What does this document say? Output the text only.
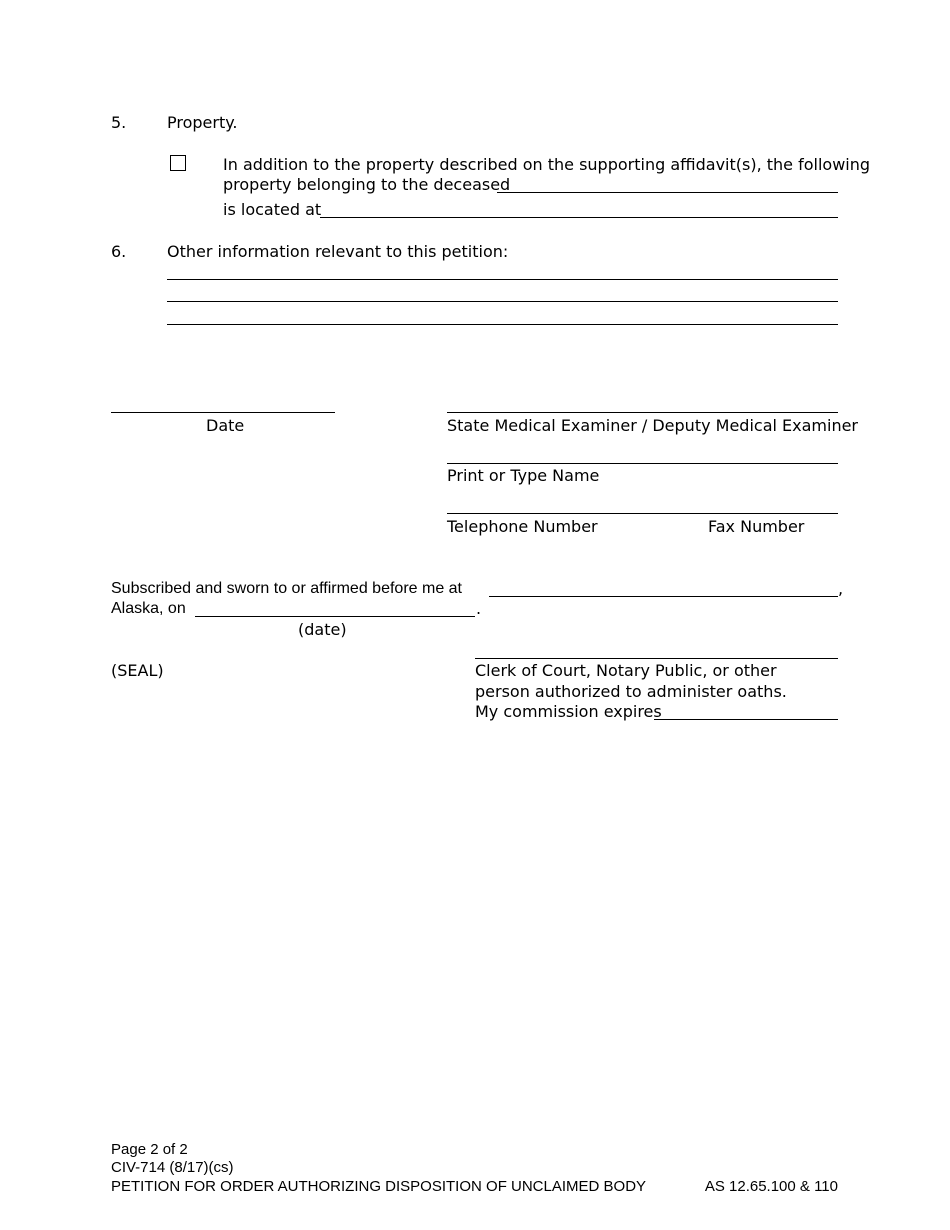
5.	Property.
In addition to the property described on the supporting affidavit(s), the following
property belonging to the deceased
is located at
6.	Other information relevant to this petition:
Date	State Medical Examiner / Deputy Medical Examiner
Print or Type Name
Telephone Number	Fax Number
Subscribed and sworn to or affirmed before me at	,
Alaska, on	.
(date)
(SEAL)	Clerk of Court, Notary Public, or other
person authorized to administer oaths.
My commission expires
Page 2 of 2
CIV-714 (8/17)(cs)
PETITION FOR ORDER AUTHORIZING DISPOSITION OF UNCLAIMED BODY	AS 12.65.100 & 110
